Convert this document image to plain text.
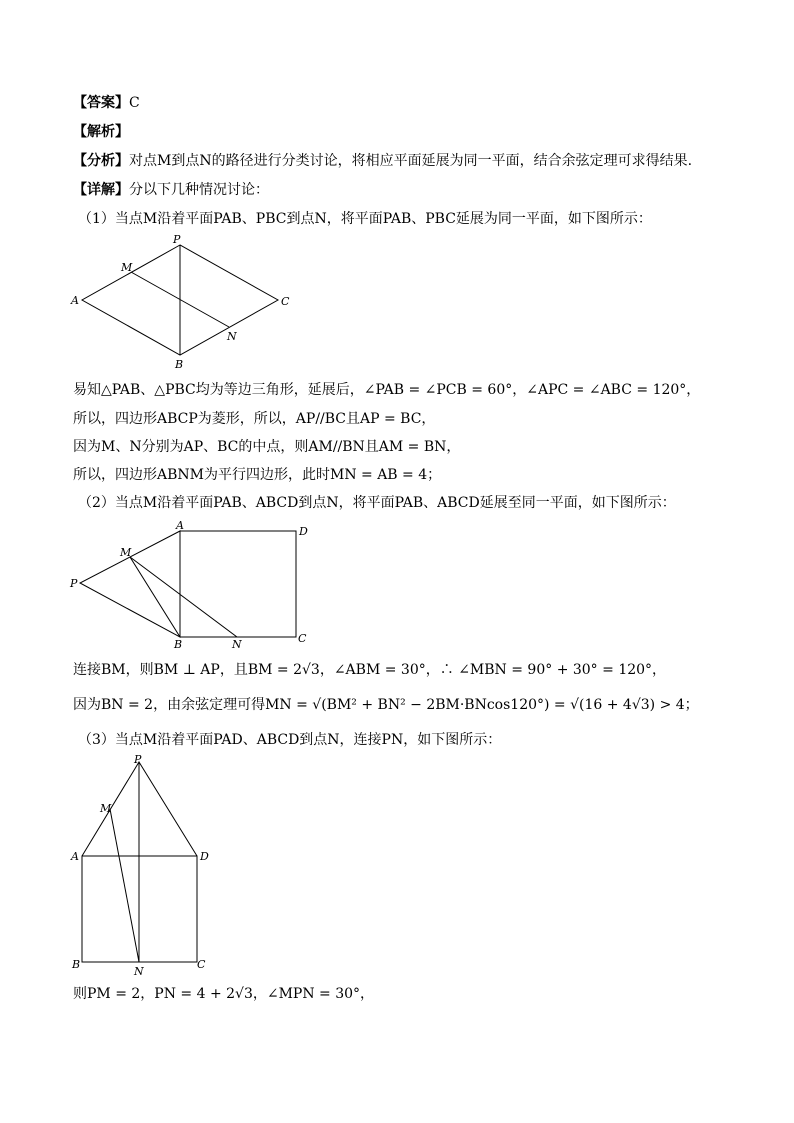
【答案】C
【解析】
【分析】对点M到点N的路径进行分类讨论，将相应平面延展为同一平面，结合余弦定理可求得结果.
【详解】分以下几种情况讨论：
（1）当点M沿着平面PAB、PBC到点N，将平面PAB、PBC延展为同一平面，如下图所示：
P
M
A	C
N
B
易知△PAB、△PBC均为等边三角形，延展后，∠PAB = ∠PCB = 60°，∠APC = ∠ABC = 120°，
所以，四边形ABCP为菱形，所以，AP//BC且AP = BC，
因为M、N分别为AP、BC的中点，则AM//BN且AM = BN，
所以，四边形ABNM为平行四边形，此时MN = AB = 4；
（2）当点M沿着平面PAB、ABCD到点N，将平面PAB、ABCD延展至同一平面，如下图所示：
A	D
M
P
B	N	C
连接BM，则BM ⊥ AP，且BM = 2√3，∠ABM = 30°，∴ ∠MBN = 90° + 30° = 120°，
因为BN = 2，由余弦定理可得MN = √(BM² + BN² − 2BM·BNcos120°) = √(16 + 4√3) > 4；
（3）当点M沿着平面PAD、ABCD到点N，连接PN，如下图所示：
P
M
A	D
B
N
C
则PM = 2，PN = 4 + 2√3，∠MPN = 30°，
